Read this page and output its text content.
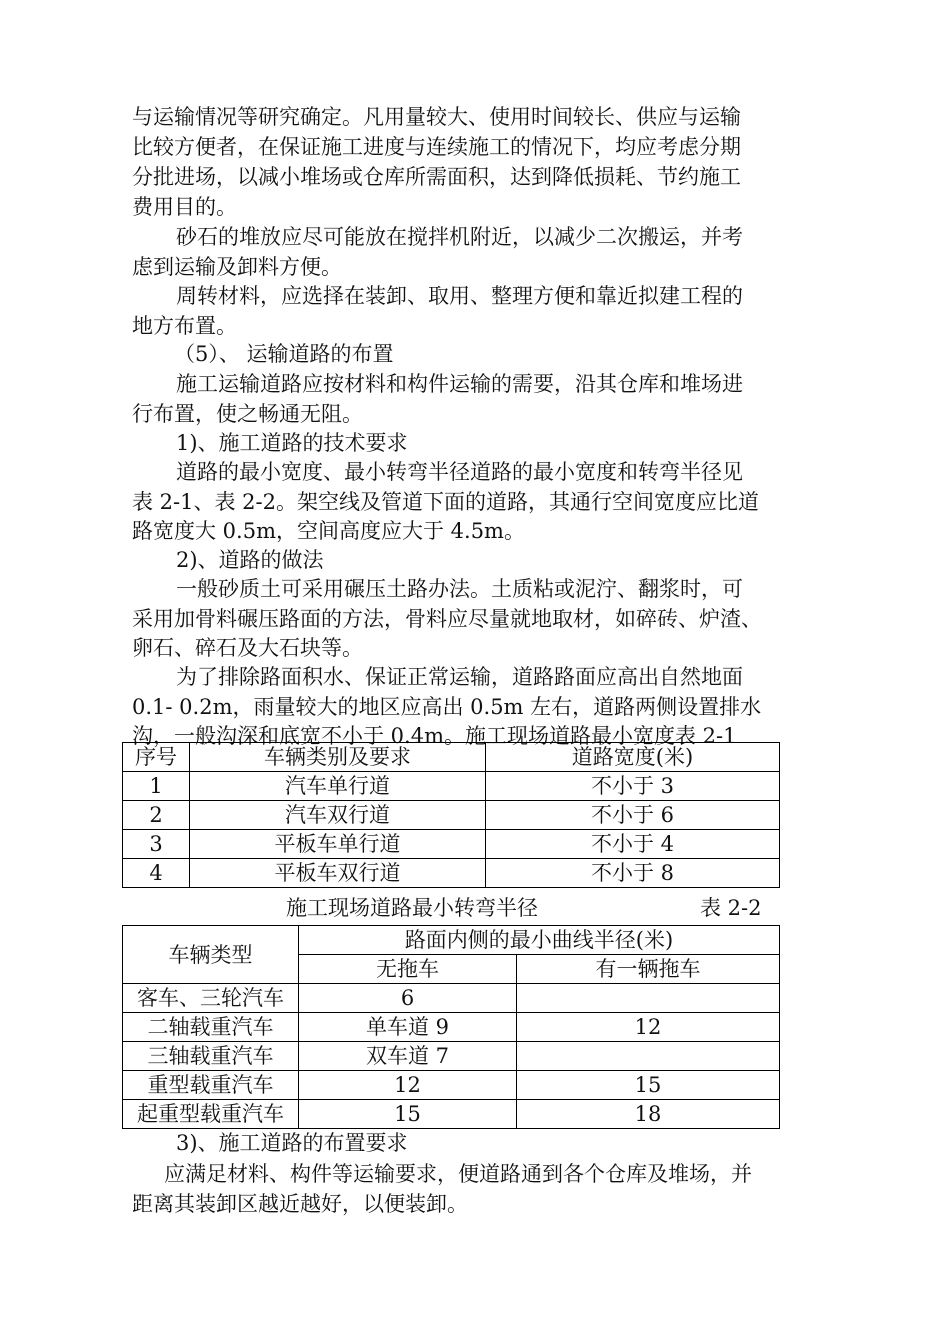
与运输情况等研究确定。凡用量较大、使用时间较长、供应与运输
比较方便者，在保证施工进度与连续施工的情况下，均应考虑分期
分批进场，以减小堆场或仓库所需面积，达到降低损耗、节约施工
费用目的。
砂石的堆放应尽可能放在搅拌机附近，以减少二次搬运，并考
虑到运输及卸料方便。
周转材料，应选择在装卸、取用、整理方便和靠近拟建工程的
地方布置。
（5）、 运输道路的布置
施工运输道路应按材料和构件运输的需要，沿其仓库和堆场进
行布置，使之畅通无阻。
1)、施工道路的技术要求
道路的最小宽度、最小转弯半径道路的最小宽度和转弯半径见
表 2-1、表 2-2。架空线及管道下面的道路，其通行空间宽度应比道
路宽度大 0.5m，空间高度应大于 4.5m。
2)、道路的做法
一般砂质土可采用碾压土路办法。土质粘或泥泞、翻浆时，可
采用加骨料碾压路面的方法，骨料应尽量就地取材，如碎砖、炉渣、
卵石、碎石及大石块等。
为了排除路面积水、保证正常运输，道路路面应高出自然地面
0.1- 0.2m，雨量较大的地区应高出 0.5m 左右，道路两侧设置排水
沟，一般沟深和底宽不小于 0.4m。施工现场道路最小宽度表 2-1
序号	车辆类别及要求	道路宽度(米)
1	汽车单行道	不小于 3
2	汽车双行道	不小于 6
3	平板车单行道	不小于 4
4	平板车双行道	不小于 8
施工现场道路最小转弯半径	表 2-2
车辆类型	路面内侧的最小曲线半径(米)	
	无拖车	有一辆拖车
客车、三轮汽车	6	
二轴载重汽车	单车道 9	12
三轴载重汽车	双车道 7	
重型载重汽车	12	15
起重型载重汽车	15	18
3)、施工道路的布置要求
应满足材料、构件等运输要求，便道路通到各个仓库及堆场，并
距离其装卸区越近越好，以便装卸。
